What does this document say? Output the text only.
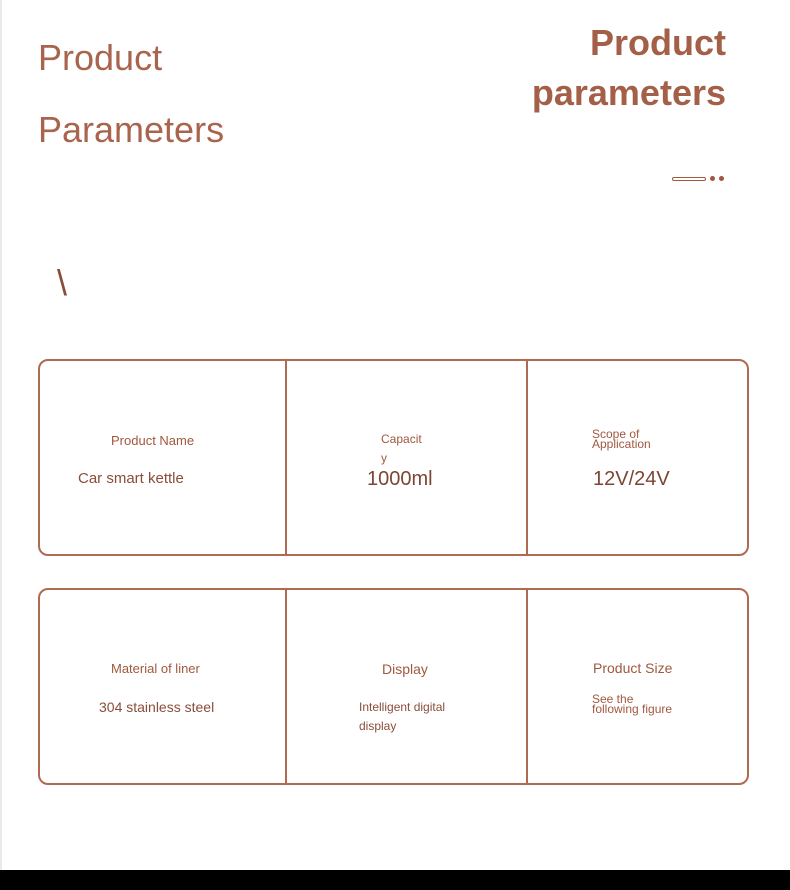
Product
Parameters
Product
parameters
\
Product Name
Car smart kettle
Capacit
y
1000ml
Scope of
Application
12V/24V
Material of liner
304 stainless steel
Display
Intelligent digital
display
Product Size
See the
following figure
